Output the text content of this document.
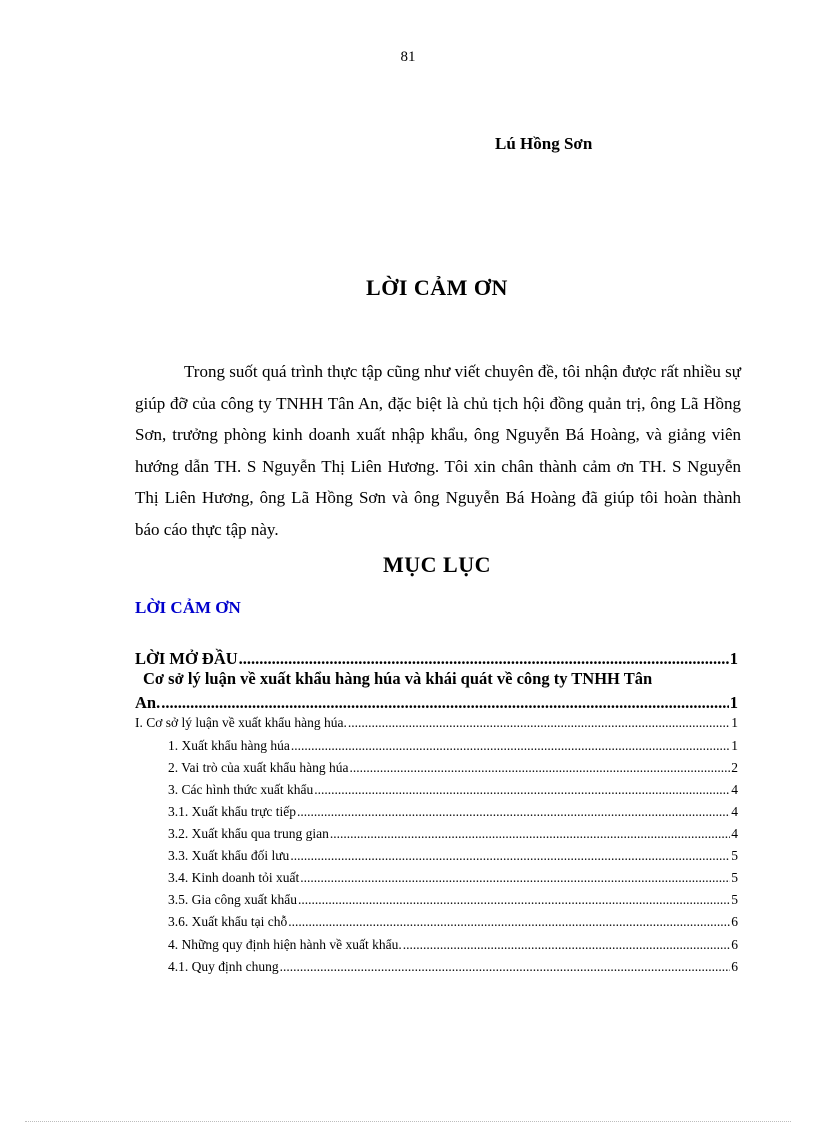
81
Lú Hồng Sơn
LỜI CẢM ƠN

Trong suốt quá trình thực tập cũng như viết chuyên đề, tôi nhận được rất nhiều sự giúp đỡ của công ty TNHH Tân An, đặc biệt là chủ tịch hội đồng quản trị, ông Lã Hồng Sơn, trưởng phòng kinh doanh xuất nhập khẩu, ông Nguyễn Bá Hoàng, và giảng viên hướng dẫn TH. S Nguyễn Thị Liên Hương. Tôi xin chân thành cảm ơn TH. S Nguyễn Thị Liên Hương, ông Lã Hồng Sơn và ông Nguyễn Bá Hoàng đã giúp tôi hoàn thành báo cáo thực tập này.

MỤC LỤC
LỜI CẢM ƠN
LỜI MỞ ĐẦU .....	1
Cơ sở lý luận về xuất khẩu hàng húa và khái quát về công ty TNHH Tân
An. .....	1
I. Cơ sở lý luận về xuất khẩu hàng húa. .....	1
1. Xuất khẩu hàng húa .....	1
2. Vai trò của xuất khẩu hàng húa .....	2
3. Các hình thức xuất khẩu .....	4
3.1. Xuất khẩu trực tiếp .....	4
3.2. Xuất khẩu qua trung gian .....	4
3.3. Xuất khẩu đối lưu .....	5
3.4. Kinh doanh tỏi xuất .....	5
3.5. Gia công xuất khẩu .....	5
3.6. Xuất khẩu tại chỗ .....	6
4. Những quy định hiện hành về xuất khẩu. .....	6
4.1. Quy định chung .....	6
